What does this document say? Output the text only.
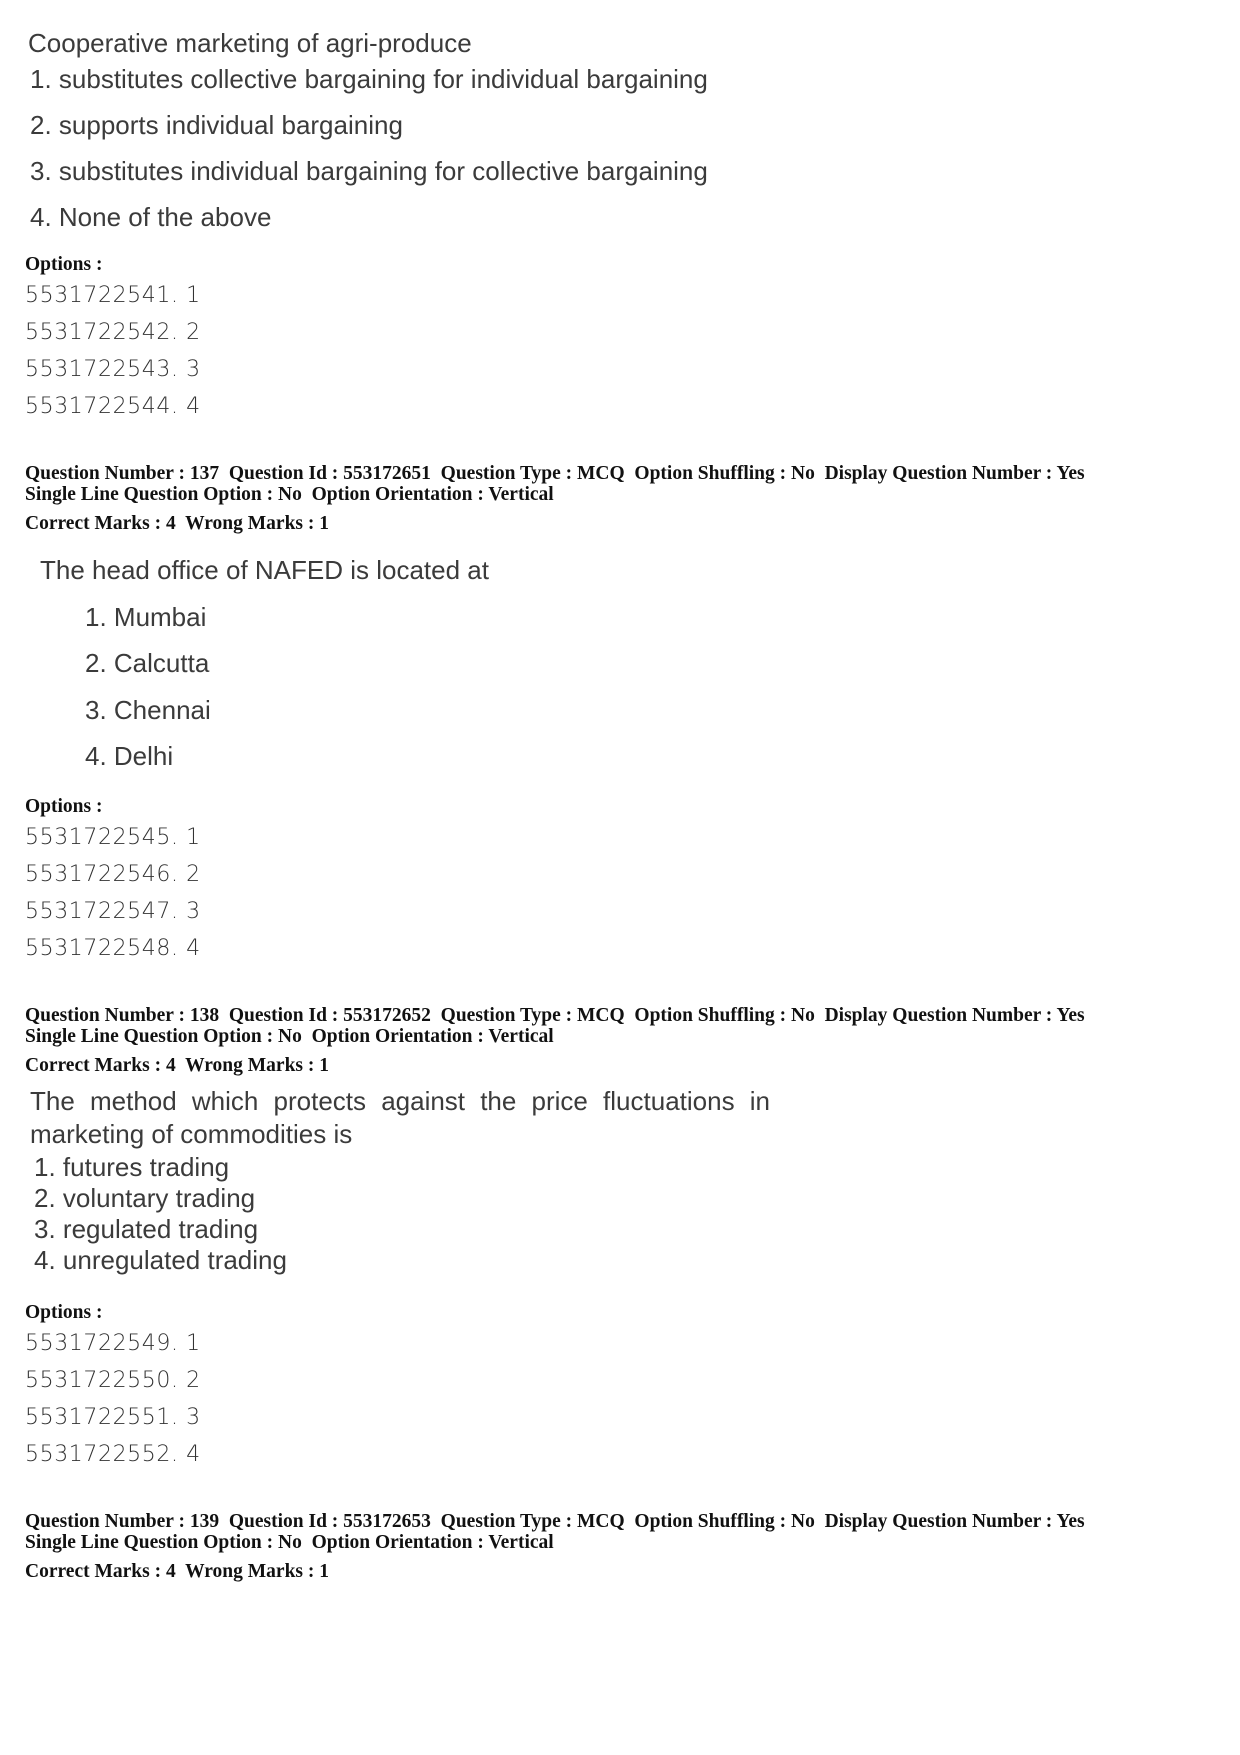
Cooperative marketing of agri-produce
1. substitutes collective bargaining for individual bargaining
2. supports individual bargaining
3. substitutes individual bargaining for collective bargaining
4. None of the above
Options :
5531722541. 1
5531722542. 2
5531722543. 3
5531722544. 4
Question Number : 137  Question Id : 553172651  Question Type : MCQ  Option Shuffling : No  Display Question Number : Yes
Single Line Question Option : No  Option Orientation : Vertical
Correct Marks : 4  Wrong Marks : 1
The head office of NAFED is located at
1. Mumbai
2. Calcutta
3. Chennai
4. Delhi
Options :
5531722545. 1
5531722546. 2
5531722547. 3
5531722548. 4
Question Number : 138  Question Id : 553172652  Question Type : MCQ  Option Shuffling : No  Display Question Number : Yes
Single Line Question Option : No  Option Orientation : Vertical
Correct Marks : 4  Wrong Marks : 1
The method which protects against the price fluctuations in marketing of commodities is
1. futures trading
2. voluntary trading
3. regulated trading
4. unregulated trading
Options :
5531722549. 1
5531722550. 2
5531722551. 3
5531722552. 4
Question Number : 139  Question Id : 553172653  Question Type : MCQ  Option Shuffling : No  Display Question Number : Yes
Single Line Question Option : No  Option Orientation : Vertical
Correct Marks : 4  Wrong Marks : 1
